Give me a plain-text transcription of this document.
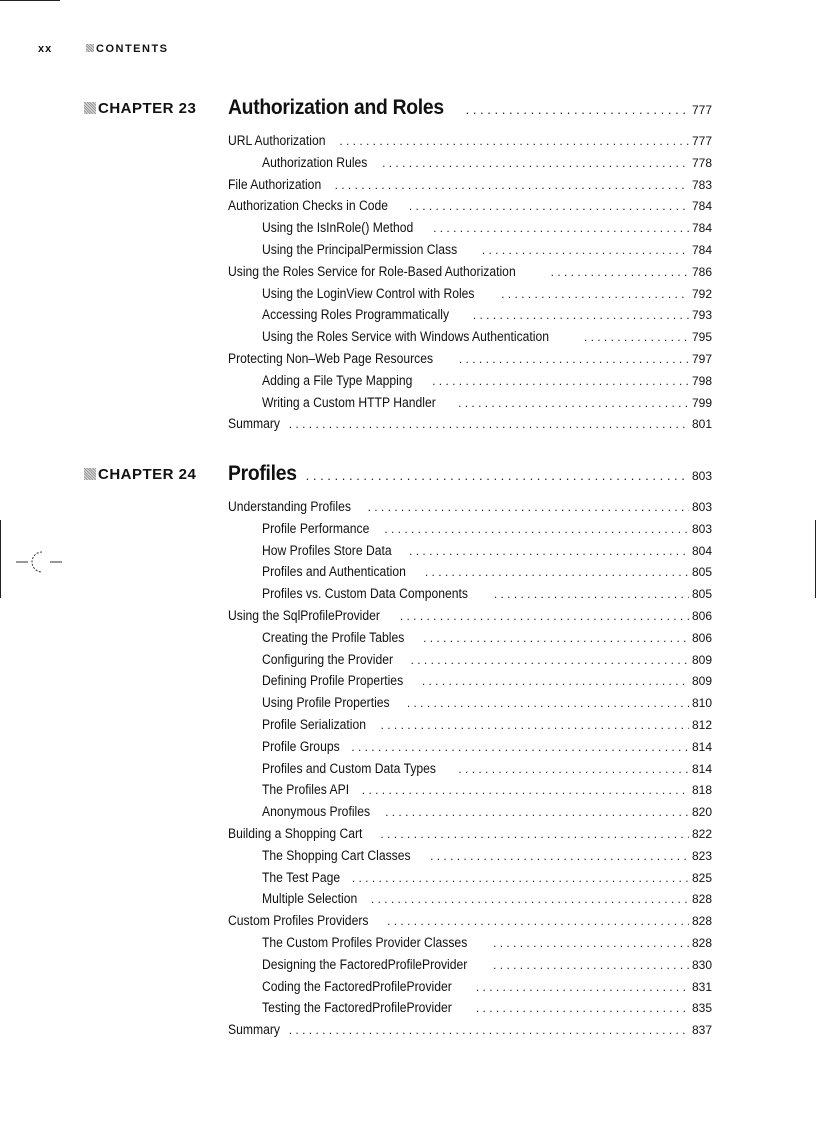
xx	CONTENTS
CHAPTER 23 Authorization and Roles . . .	777
URL Authorization . . .	777
Authorization Rules . . .	778
File Authorization . . .	783
Authorization Checks in Code . . .	784
Using the IsInRole() Method . . .	784
Using the PrincipalPermission Class . . .	784
Using the Roles Service for Role-Based Authorization . . .	786
Using the LoginView Control with Roles . . .	792
Accessing Roles Programmatically . . .	793
Using the Roles Service with Windows Authentication . . .	795
Protecting Non–Web Page Resources . . .	797
Adding a File Type Mapping . . .	798
Writing a Custom HTTP Handler . . .	799
Summary . . .	801
CHAPTER 24 Profiles . . .	803
Understanding Profiles . . .	803
Profile Performance . . .	803
How Profiles Store Data . . .	804
Profiles and Authentication . . .	805
Profiles vs. Custom Data Components . . .	805
Using the SqlProfileProvider . . .	806
Creating the Profile Tables . . .	806
Configuring the Provider . . .	809
Defining Profile Properties . . .	809
Using Profile Properties . . .	810
Profile Serialization . . .	812
Profile Groups . . .	814
Profiles and Custom Data Types . . .	814
The Profiles API . . .	818
Anonymous Profiles . . .	820
Building a Shopping Cart . . .	822
The Shopping Cart Classes . . .	823
The Test Page . . .	825
Multiple Selection . . .	828
Custom Profiles Providers . . .	828
The Custom Profiles Provider Classes . . .	828
Designing the FactoredProfileProvider . . .	830
Coding the FactoredProfileProvider . . .	831
Testing the FactoredProfileProvider . . .	835
Summary . . .	837
